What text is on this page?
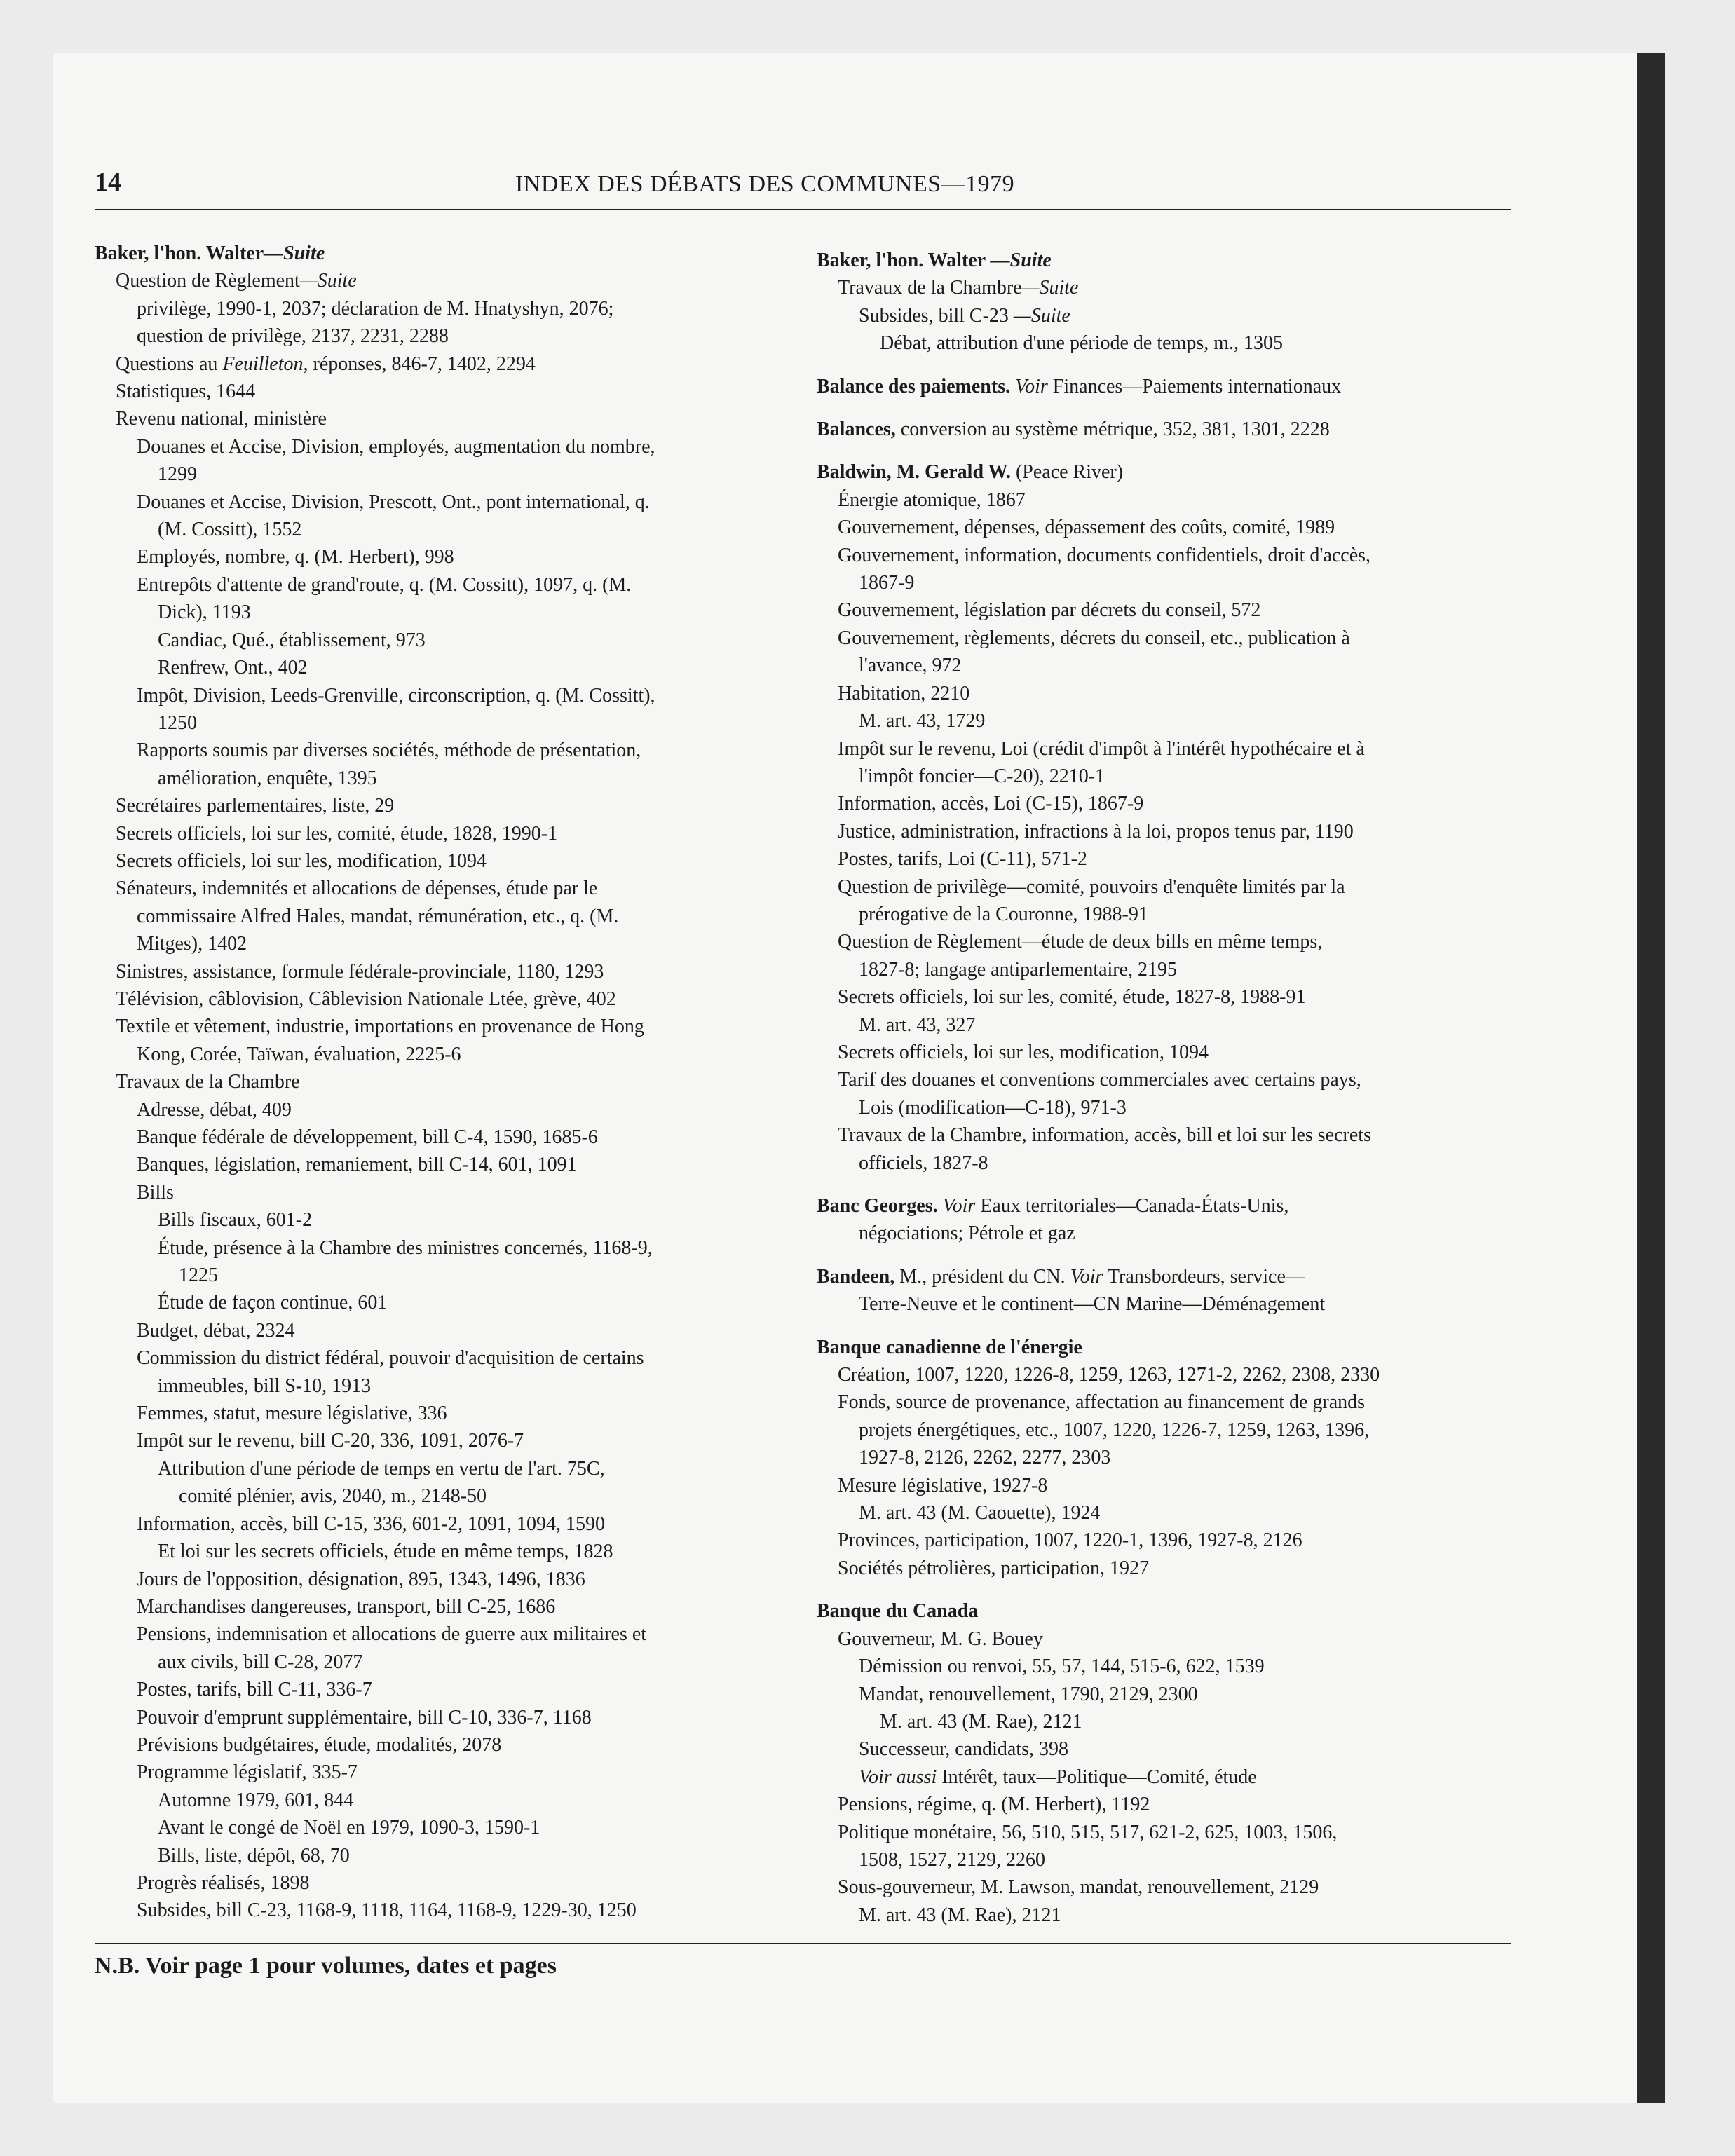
14	INDEX DES DÉBATS DES COMMUNES—1979
Baker, l'hon. Walter—Suite
Question de Règlement—Suite
privilège, 1990-1, 2037; déclaration de M. Hnatyshyn, 2076;
question de privilège, 2137, 2231, 2288
Questions au Feuilleton, réponses, 846-7, 1402, 2294
Statistiques, 1644
Revenu national, ministère
Douanes et Accise, Division, employés, augmentation du nombre,
1299
Douanes et Accise, Division, Prescott, Ont., pont international, q.
(M. Cossitt), 1552
Employés, nombre, q. (M. Herbert), 998
Entrepôts d'attente de grand'route, q. (M. Cossitt), 1097, q. (M.
Dick), 1193
Candiac, Qué., établissement, 973
Renfrew, Ont., 402
Impôt, Division, Leeds-Grenville, circonscription, q. (M. Cossitt),
1250
Rapports soumis par diverses sociétés, méthode de présentation,
amélioration, enquête, 1395
Secrétaires parlementaires, liste, 29
Secrets officiels, loi sur les, comité, étude, 1828, 1990-1
Secrets officiels, loi sur les, modification, 1094
Sénateurs, indemnités et allocations de dépenses, étude par le
commissaire Alfred Hales, mandat, rémunération, etc., q. (M.
Mitges), 1402
Sinistres, assistance, formule fédérale-provinciale, 1180, 1293
Télévision, câblovision, Câblevision Nationale Ltée, grève, 402
Textile et vêtement, industrie, importations en provenance de Hong
Kong, Corée, Taïwan, évaluation, 2225-6
Travaux de la Chambre
Adresse, débat, 409
Banque fédérale de développement, bill C-4, 1590, 1685-6
Banques, législation, remaniement, bill C-14, 601, 1091
Bills
Bills fiscaux, 601-2
Étude, présence à la Chambre des ministres concernés, 1168-9,
1225
Étude de façon continue, 601
Budget, débat, 2324
Commission du district fédéral, pouvoir d'acquisition de certains
immeubles, bill S-10, 1913
Femmes, statut, mesure législative, 336
Impôt sur le revenu, bill C-20, 336, 1091, 2076-7
Attribution d'une période de temps en vertu de l'art. 75C,
comité plénier, avis, 2040, m., 2148-50
Information, accès, bill C-15, 336, 601-2, 1091, 1094, 1590
Et loi sur les secrets officiels, étude en même temps, 1828
Jours de l'opposition, désignation, 895, 1343, 1496, 1836
Marchandises dangereuses, transport, bill C-25, 1686
Pensions, indemnisation et allocations de guerre aux militaires et
aux civils, bill C-28, 2077
Postes, tarifs, bill C-11, 336-7
Pouvoir d'emprunt supplémentaire, bill C-10, 336-7, 1168
Prévisions budgétaires, étude, modalités, 2078
Programme législatif, 335-7
Automne 1979, 601, 844
Avant le congé de Noël en 1979, 1090-3, 1590-1
Bills, liste, dépôt, 68, 70
Progrès réalisés, 1898
Subsides, bill C-23, 1168-9, 1118, 1164, 1168-9, 1229-30, 1250
Baker, l'hon. Walter —Suite
Travaux de la Chambre—Suite
Subsides, bill C-23 —Suite
Débat, attribution d'une période de temps, m., 1305
Balance des paiements. Voir Finances—Paiements internationaux
Balances, conversion au système métrique, 352, 381, 1301, 2228
Baldwin, M. Gerald W. (Peace River)
Énergie atomique, 1867
Gouvernement, dépenses, dépassement des coûts, comité, 1989
Gouvernement, information, documents confidentiels, droit d'accès,
1867-9
Gouvernement, législation par décrets du conseil, 572
Gouvernement, règlements, décrets du conseil, etc., publication à
l'avance, 972
Habitation, 2210
M. art. 43, 1729
Impôt sur le revenu, Loi (crédit d'impôt à l'intérêt hypothécaire et à
l'impôt foncier—C-20), 2210-1
Information, accès, Loi (C-15), 1867-9
Justice, administration, infractions à la loi, propos tenus par, 1190
Postes, tarifs, Loi (C-11), 571-2
Question de privilège—comité, pouvoirs d'enquête limités par la
prérogative de la Couronne, 1988-91
Question de Règlement—étude de deux bills en même temps,
1827-8; langage antiparlementaire, 2195
Secrets officiels, loi sur les, comité, étude, 1827-8, 1988-91
M. art. 43, 327
Secrets officiels, loi sur les, modification, 1094
Tarif des douanes et conventions commerciales avec certains pays,
Lois (modification—C-18), 971-3
Travaux de la Chambre, information, accès, bill et loi sur les secrets
officiels, 1827-8
Banc Georges. Voir Eaux territoriales—Canada-États-Unis,
négociations; Pétrole et gaz
Bandeen, M., président du CN. Voir Transbordeurs, service—
Terre-Neuve et le continent—CN Marine—Déménagement
Banque canadienne de l'énergie
Création, 1007, 1220, 1226-8, 1259, 1263, 1271-2, 2262, 2308, 2330
Fonds, source de provenance, affectation au financement de grands
projets énergétiques, etc., 1007, 1220, 1226-7, 1259, 1263, 1396,
1927-8, 2126, 2262, 2277, 2303
Mesure législative, 1927-8
M. art. 43 (M. Caouette), 1924
Provinces, participation, 1007, 1220-1, 1396, 1927-8, 2126
Sociétés pétrolières, participation, 1927
Banque du Canada
Gouverneur, M. G. Bouey
Démission ou renvoi, 55, 57, 144, 515-6, 622, 1539
Mandat, renouvellement, 1790, 2129, 2300
M. art. 43 (M. Rae), 2121
Successeur, candidats, 398
Voir aussi Intérêt, taux—Politique—Comité, étude
Pensions, régime, q. (M. Herbert), 1192
Politique monétaire, 56, 510, 515, 517, 621-2, 625, 1003, 1506,
1508, 1527, 2129, 2260
Sous-gouverneur, M. Lawson, mandat, renouvellement, 2129
M. art. 43 (M. Rae), 2121
N.B. Voir page 1 pour volumes, dates et pages
